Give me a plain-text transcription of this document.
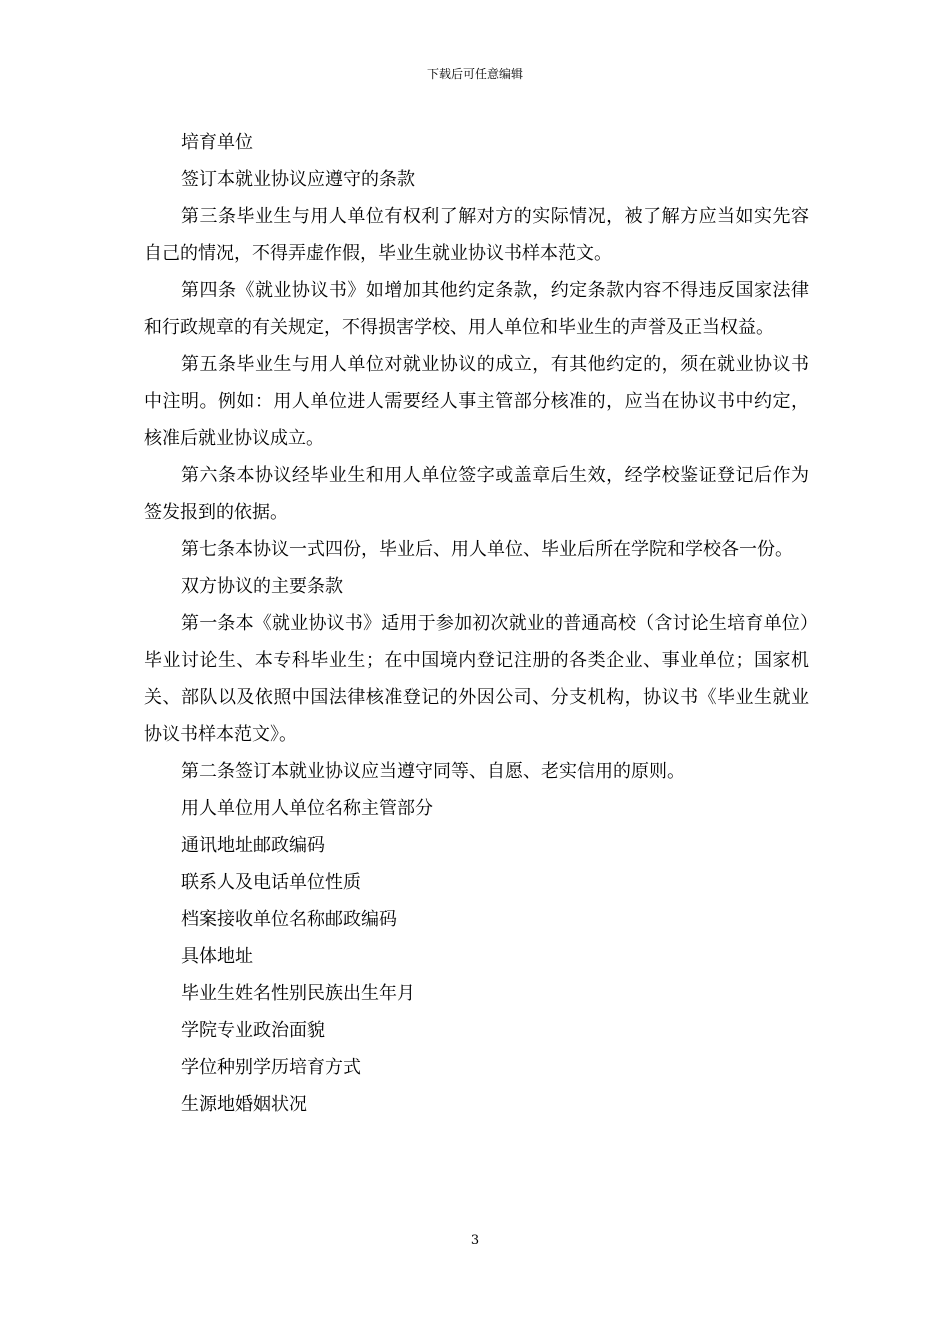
下载后可任意编辑

培育单位

签订本就业协议应遵守的条款

第三条毕业生与用人单位有权利了解对方的实际情况，被了解方应当如实先容自己的情况，不得弄虚作假，毕业生就业协议书样本范文。

第四条《就业协议书》如增加其他约定条款，约定条款内容不得违反国家法律和行政规章的有关规定，不得损害学校、用人单位和毕业生的声誉及正当权益。

第五条毕业生与用人单位对就业协议的成立，有其他约定的，须在就业协议书中注明。例如：用人单位进人需要经人事主管部分核准的，应当在协议书中约定，核准后就业协议成立。

第六条本协议经毕业生和用人单位签字或盖章后生效，经学校鉴证登记后作为签发报到的依据。

第七条本协议一式四份，毕业后、用人单位、毕业后所在学院和学校各一份。

双方协议的主要条款

第一条本《就业协议书》适用于参加初次就业的普通高校（含讨论生培育单位）毕业讨论生、本专科毕业生；在中国境内登记注册的各类企业、事业单位；国家机关、部队以及依照中国法律核准登记的外因公司、分支机构，协议书《毕业生就业协议书样本范文》。

第二条签订本就业协议应当遵守同等、自愿、老实信用的原则。

用人单位用人单位名称主管部分

通讯地址邮政编码

联系人及电话单位性质

档案接收单位名称邮政编码

具体地址

毕业生姓名性别民族出生年月

学院专业政治面貌

学位种别学历培育方式

生源地婚姻状况

3
